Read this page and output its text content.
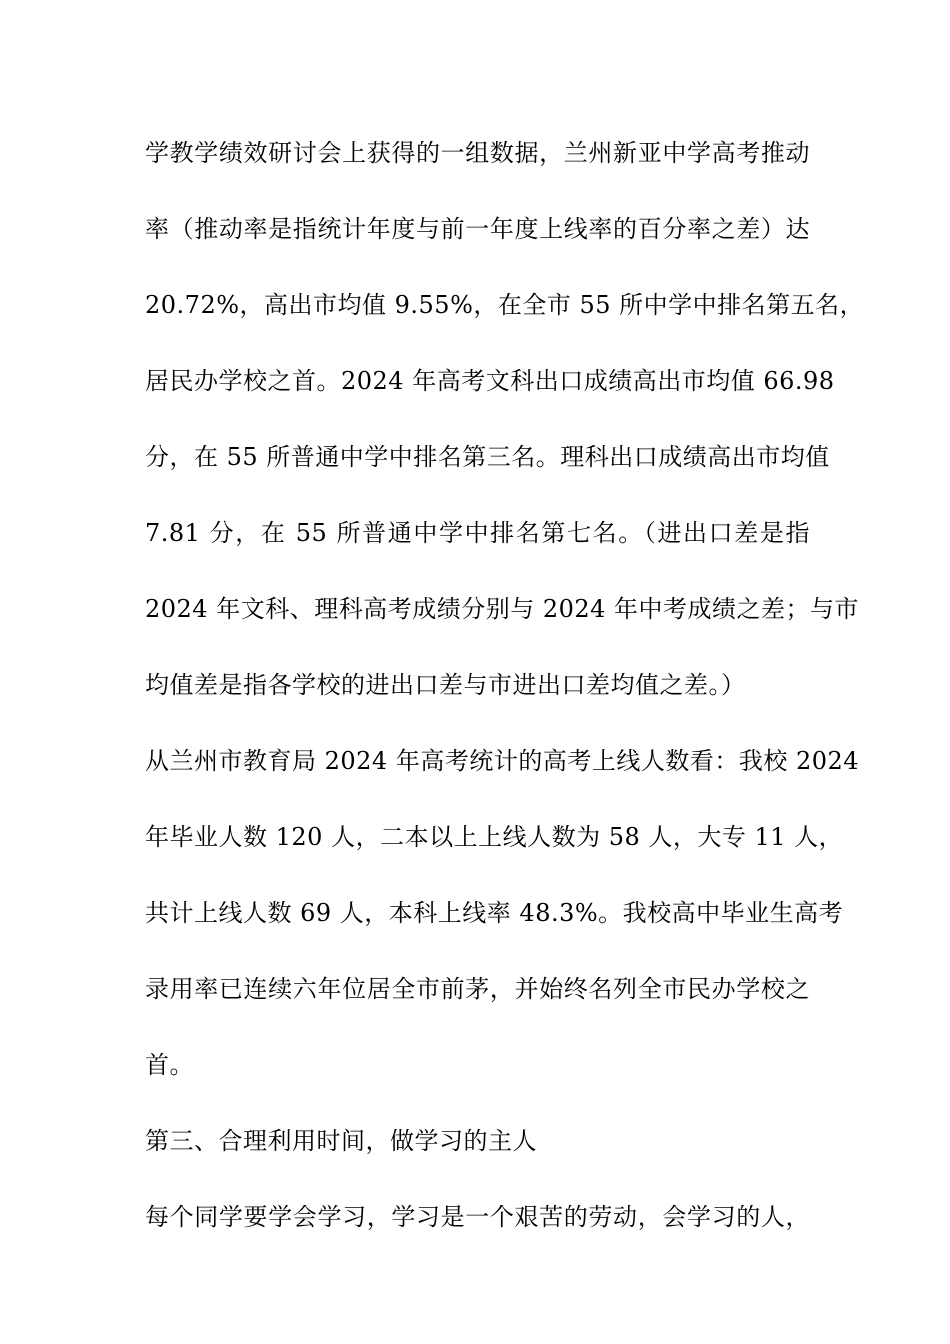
学教学绩效研讨会上获得的一组数据，兰州新亚中学高考推动
率（推动率是指统计年度与前一年度上线率的百分率之差）达
20.72%，高出市均值 9.55%，在全市 55 所中学中排名第五名，
居民办学校之首。2024 年高考文科出口成绩高出市均值 66.98
分，在 55 所普通中学中排名第三名。理科出口成绩高出市均值
7.81 分，在 55 所普通中学中排名第七名。（进出口差是指
2024 年文科、理科高考成绩分别与 2024 年中考成绩之差；与市
均值差是指各学校的进出口差与市进出口差均值之差。）
从兰州市教育局 2024 年高考统计的高考上线人数看：我校 2024
年毕业人数 120 人，二本以上上线人数为 58 人，大专 11 人，
共计上线人数 69 人，本科上线率 48.3%。我校高中毕业生高考
录用率已连续六年位居全市前茅，并始终名列全市民办学校之
首。
第三、合理利用时间，做学习的主人
每个同学要学会学习，学习是一个艰苦的劳动，会学习的人，
